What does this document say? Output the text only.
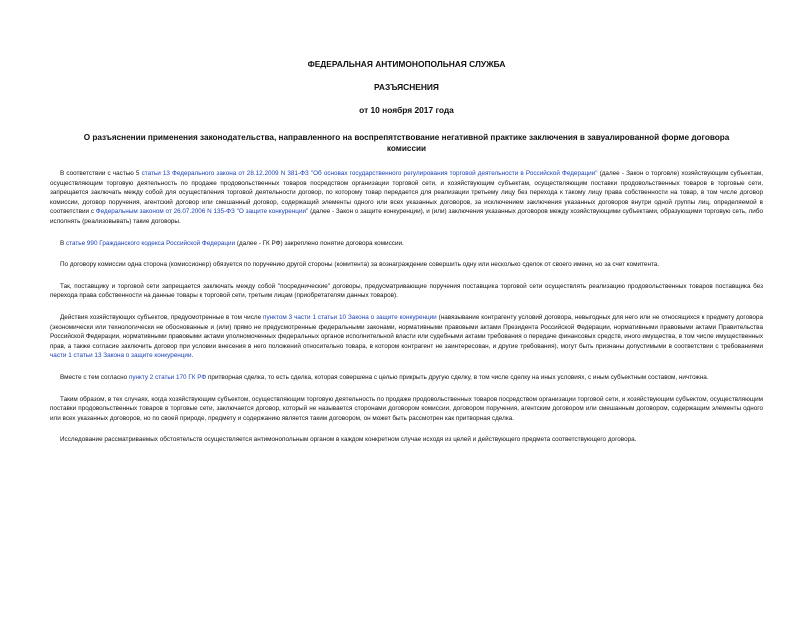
ФЕДЕРАЛЬНАЯ АНТИМОНОПОЛЬНАЯ СЛУЖБА
РАЗЪЯСНЕНИЯ
от 10 ноября 2017 года
О разъяснении применения законодательства, направленного на воспрепятствование негативной практике заключения в завуалированной форме договора комиссии

В соответствии с частью 5 статьи 13 Федерального закона от 28.12.2009 N 381-ФЗ "Об основах государственного регулирования торговой деятельности в Российской Федерации" (далее - Закон о торговле) хозяйствующим субъектам, осуществляющим торговую деятельность по продаже продовольственных товаров посредством организации торговой сети, и хозяйствующим субъектам, осуществляющим поставки продовольственных товаров в торговые сети, запрещается заключать между собой для осуществления торговой деятельности договор, по которому товар передается для реализации третьему лицу без перехода к такому лицу права собственности на товар, в том числе договор комиссии, договор поручения, агентский договор или смешанный договор, содержащий элементы одного или всех указанных договоров, за исключением заключения указанных договоров внутри одной группы лиц, определяемой в соответствии с Федеральным законом от 26.07.2006 N 135-ФЗ "О защите конкуренции" (далее - Закон о защите конкуренции), и (или) заключения указанных договоров между хозяйствующими субъектами, образующими торговую сеть, либо исполнять (реализовывать) такие договоры.

В статье 990 Гражданского кодекса Российской Федерации (далее - ГК РФ) закреплено понятие договора комиссии.

По договору комиссии одна сторона (комиссионер) обязуется по поручению другой стороны (комитента) за вознаграждение совершить одну или несколько сделок от своего имени, но за счет комитента.

Так, поставщику и торговой сети запрещается заключать между собой "посреднические" договоры, предусматривающие поручения поставщика торговой сети осуществлять реализацию продовольственных товаров поставщика без перехода права собственности на данные товары к торговой сети, третьим лицам (приобретателям данных товаров).

Действия хозяйствующих субъектов, предусмотренные в том числе пунктом 3 части 1 статьи 10 Закона о защите конкуренции (навязывание контрагенту условий договора, невыгодных для него или не относящихся к предмету договора (экономически или технологически не обоснованные и (или) прямо не предусмотренные федеральными законами, нормативными правовыми актами Президента Российской Федерации, нормативными правовыми актами Правительства Российской Федерации, нормативными правовыми актами уполномоченных федеральных органов исполнительной власти или судебными актами требования о передаче финансовых средств, иного имущества, в том числе имущественных прав, а также согласие заключить договор при условии внесения в него положений относительно товара, в котором контрагент не заинтересован, и другие требования), могут быть признаны допустимыми в соответствии с требованиями части 1 статьи 13 Закона о защите конкуренции.

Вместе с тем согласно пункту 2 статьи 170 ГК РФ притворная сделка, то есть сделка, которая совершена с целью прикрыть другую сделку, в том числе сделку на иных условиях, с иным субъектным составом, ничтожна.

Таким образом, в тех случаях, когда хозяйствующим субъектом, осуществляющим торговую деятельность по продаже продовольственных товаров посредством организации торговой сети, и хозяйствующим субъектом, осуществляющим поставки продовольственных товаров в торговые сети, заключается договор, который не называется сторонами договором комиссии, договором поручения, агентским договором или смешанным договором, содержащим элементы одного или всех указанных договоров, но по своей природе, предмету и содержанию является таким договором, он может быть рассмотрен как притворная сделка.

Исследование рассматриваемых обстоятельств осуществляется антимонопольным органом в каждом конкретном случае исходя из целей и действующего предмета соответствующего договора.
